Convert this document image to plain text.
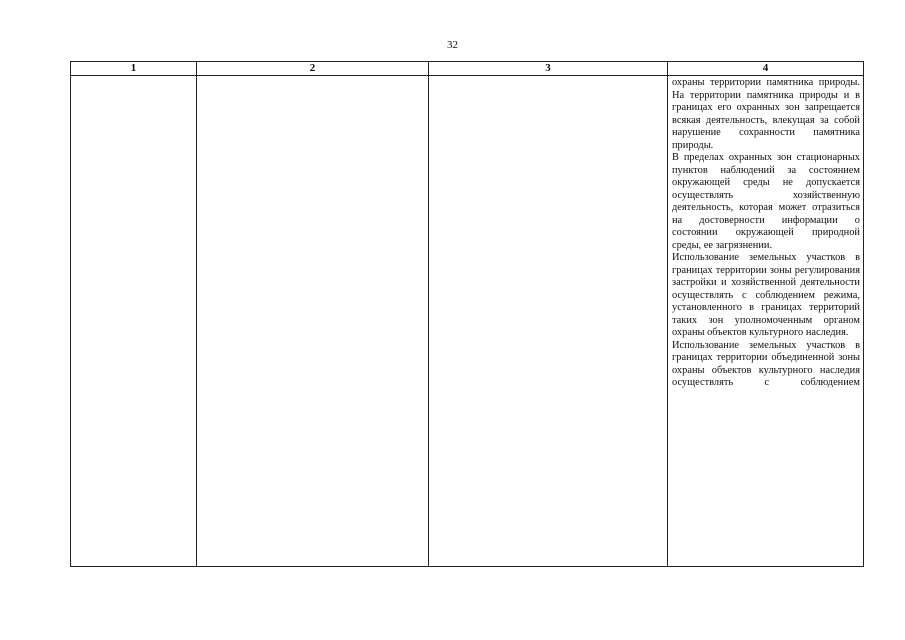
32
1	2	3	4

			охраны территории памятника природы. На территории памятника природы и в границах его охранных зон запрещается всякая деятельность, влекущая за собой нарушение сохранности памятника природы.
В пределах охранных зон стационарных пунктов наблюдений за состоянием окружающей среды не допускается осуществлять хозяйственную деятельность, которая может отразиться на достоверности информации о состоянии окружающей природной среды, ее загрязнении.
Использование земельных участков в границах территории зоны регулирования застройки и хозяйственной деятельности осуществлять с соблюдением режима, установленного в границах территорий таких зон уполномоченным органом охраны объектов культурного наследия.
Использование земельных участков в границах территории объединенной зоны охраны объектов культурного наследия осуществлять с соблюдением
